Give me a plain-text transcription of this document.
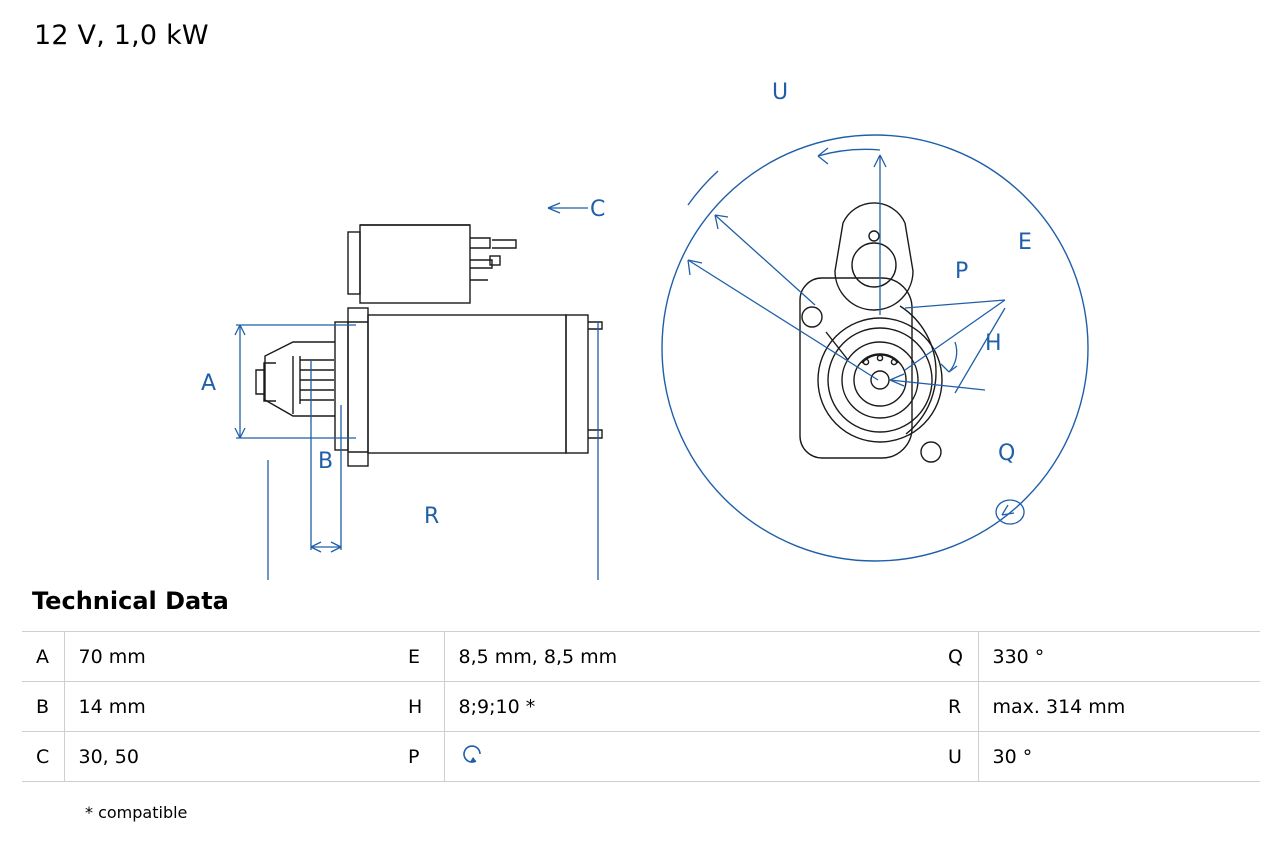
12 V, 1,0 kW
A
B
R
C
U
E
P
H
Q
Technical Data
A	70 mm	E	8,5 mm, 8,5 mm	Q	330 °
B	14 mm	H	8;9;10 *	R	max. 314 mm
C	30, 50	P		U	30 °
* compatible
